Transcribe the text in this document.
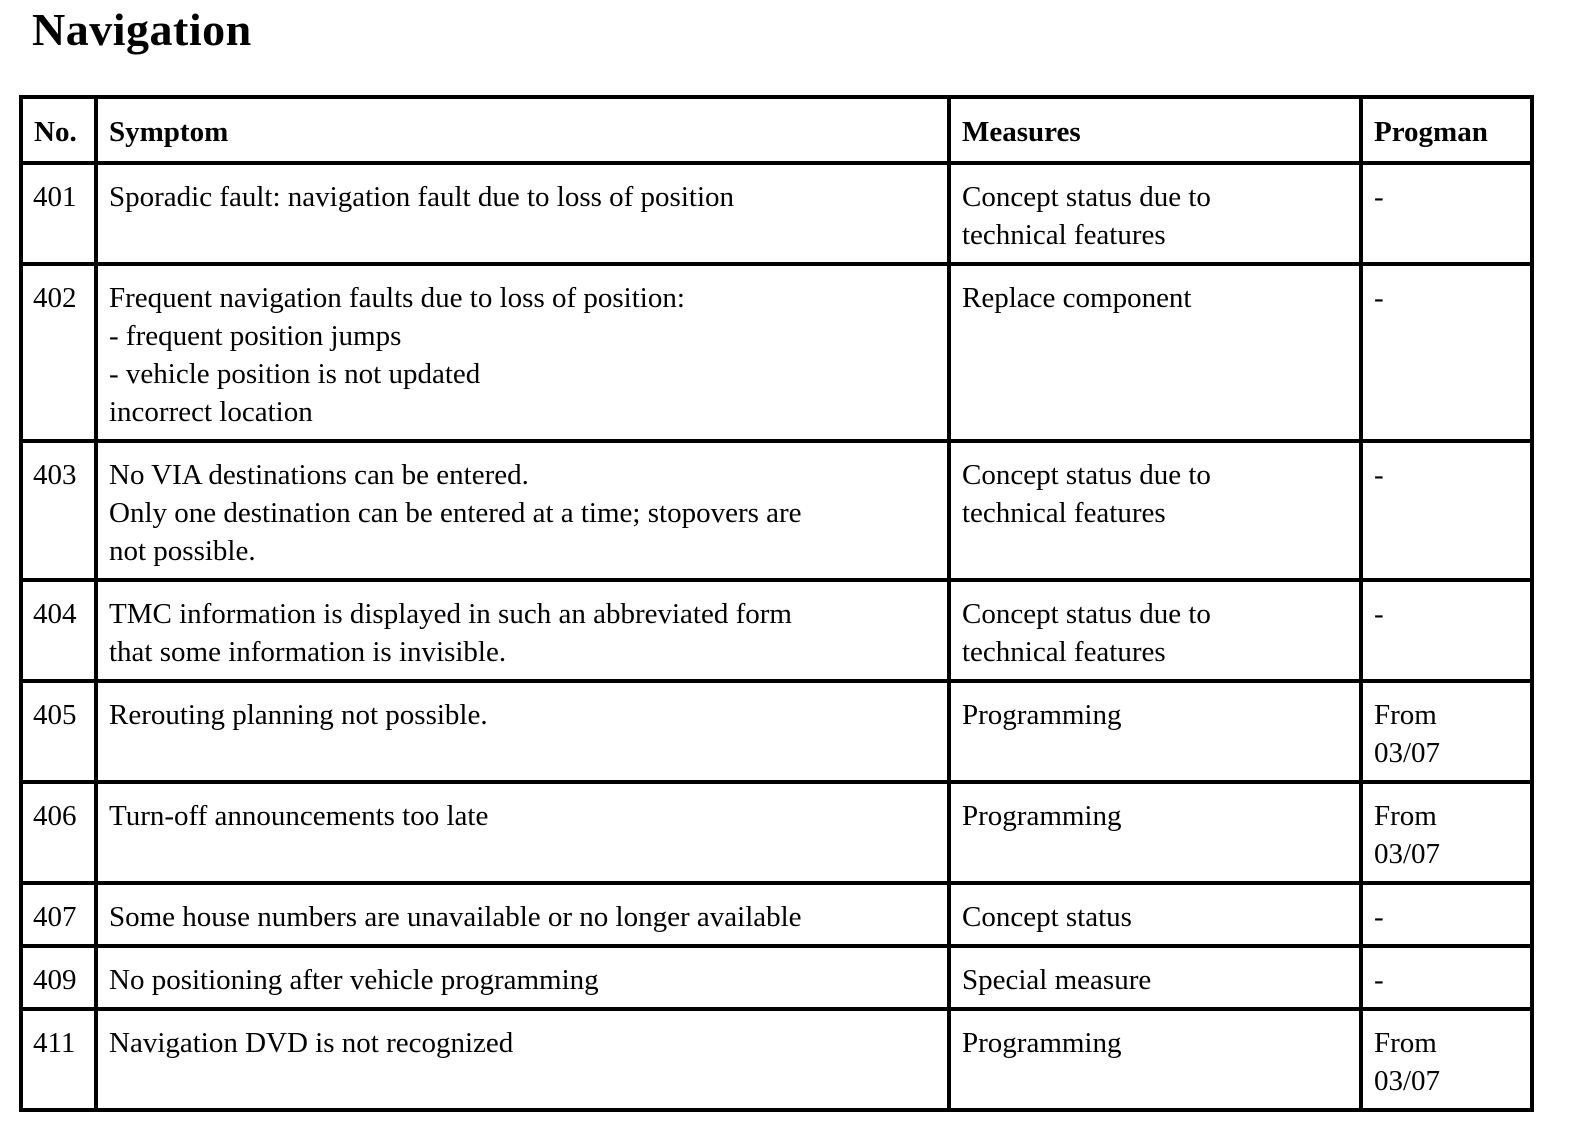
Navigation
No.	Symptom	Measures	Progman
401	Sporadic fault: navigation fault due to loss of position	Concept status due to
technical features	-

402	Frequent navigation faults due to loss of position:
- frequent position jumps
- vehicle position is not updated
incorrect location	Replace component	-

403	No VIA destinations can be entered.
Only one destination can be entered at a time; stopovers are
not possible.	Concept status due to
technical features	-

404	TMC information is displayed in such an abbreviated form
that some information is invisible.	Concept status due to
technical features	-

405	Rerouting planning not possible.	Programming	From
03/07

406	Turn-off announcements too late	Programming	From
03/07

407	Some house numbers are unavailable or no longer available	Concept status	-

409	No positioning after vehicle programming	Special measure	-

411	Navigation DVD is not recognized	Programming	From
03/07
